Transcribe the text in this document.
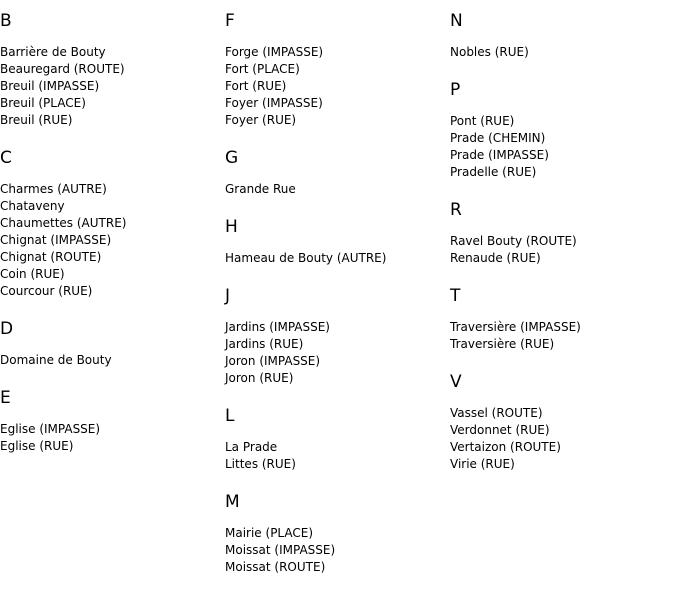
B
Barrière de Bouty
Beauregard (ROUTE)
Breuil (IMPASSE)
Breuil (PLACE)
Breuil (RUE)
C
Charmes (AUTRE)
Chataveny
Chaumettes (AUTRE)
Chignat (IMPASSE)
Chignat (ROUTE)
Coin (RUE)
Courcour (RUE)
D
Domaine de Bouty
E
Eglise (IMPASSE)
Eglise (RUE)
F
Forge (IMPASSE)
Fort (PLACE)
Fort (RUE)
Foyer (IMPASSE)
Foyer (RUE)
G
Grande Rue
H
Hameau de Bouty (AUTRE)
J
Jardins (IMPASSE)
Jardins (RUE)
Joron (IMPASSE)
Joron (RUE)
L
La Prade
Littes (RUE)
M
Mairie (PLACE)
Moissat (IMPASSE)
Moissat (ROUTE)
N
Nobles (RUE)
P
Pont (RUE)
Prade (CHEMIN)
Prade (IMPASSE)
Pradelle (RUE)
R
Ravel Bouty (ROUTE)
Renaude (RUE)
T
Traversière (IMPASSE)
Traversière (RUE)
V
Vassel (ROUTE)
Verdonnet (RUE)
Vertaizon (ROUTE)
Virie (RUE)
